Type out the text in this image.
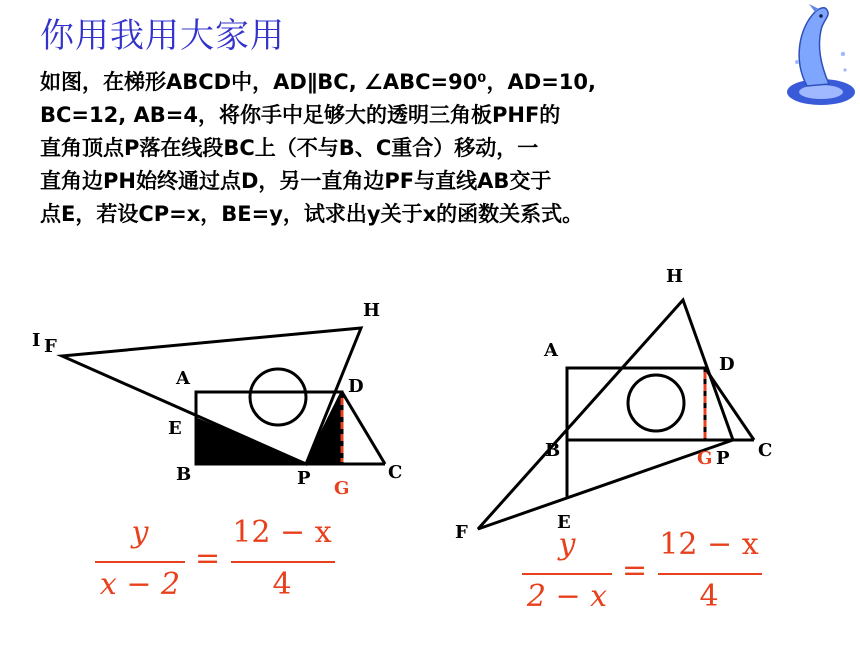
你用我用大家用
如图，在梯形ABCD中，AD∥BC, ∠ABC=90⁰，AD=10,
BC=12, AB=4，将你手中足够大的透明三角板PHF的
直角顶点P落在线段BC上（不与B、C重合）移动，一
直角边PH始终通过点D，另一直角边PF与直线AB交于
点E，若设CP=x，BE=y，试求出y关于x的函数关系式。
I F
H
A	D
E
B	P G
C
H
A
D
B	G P C
F	E
y
x − 2
=
12 − x
4
y
2 − x
=
12 − x
4
